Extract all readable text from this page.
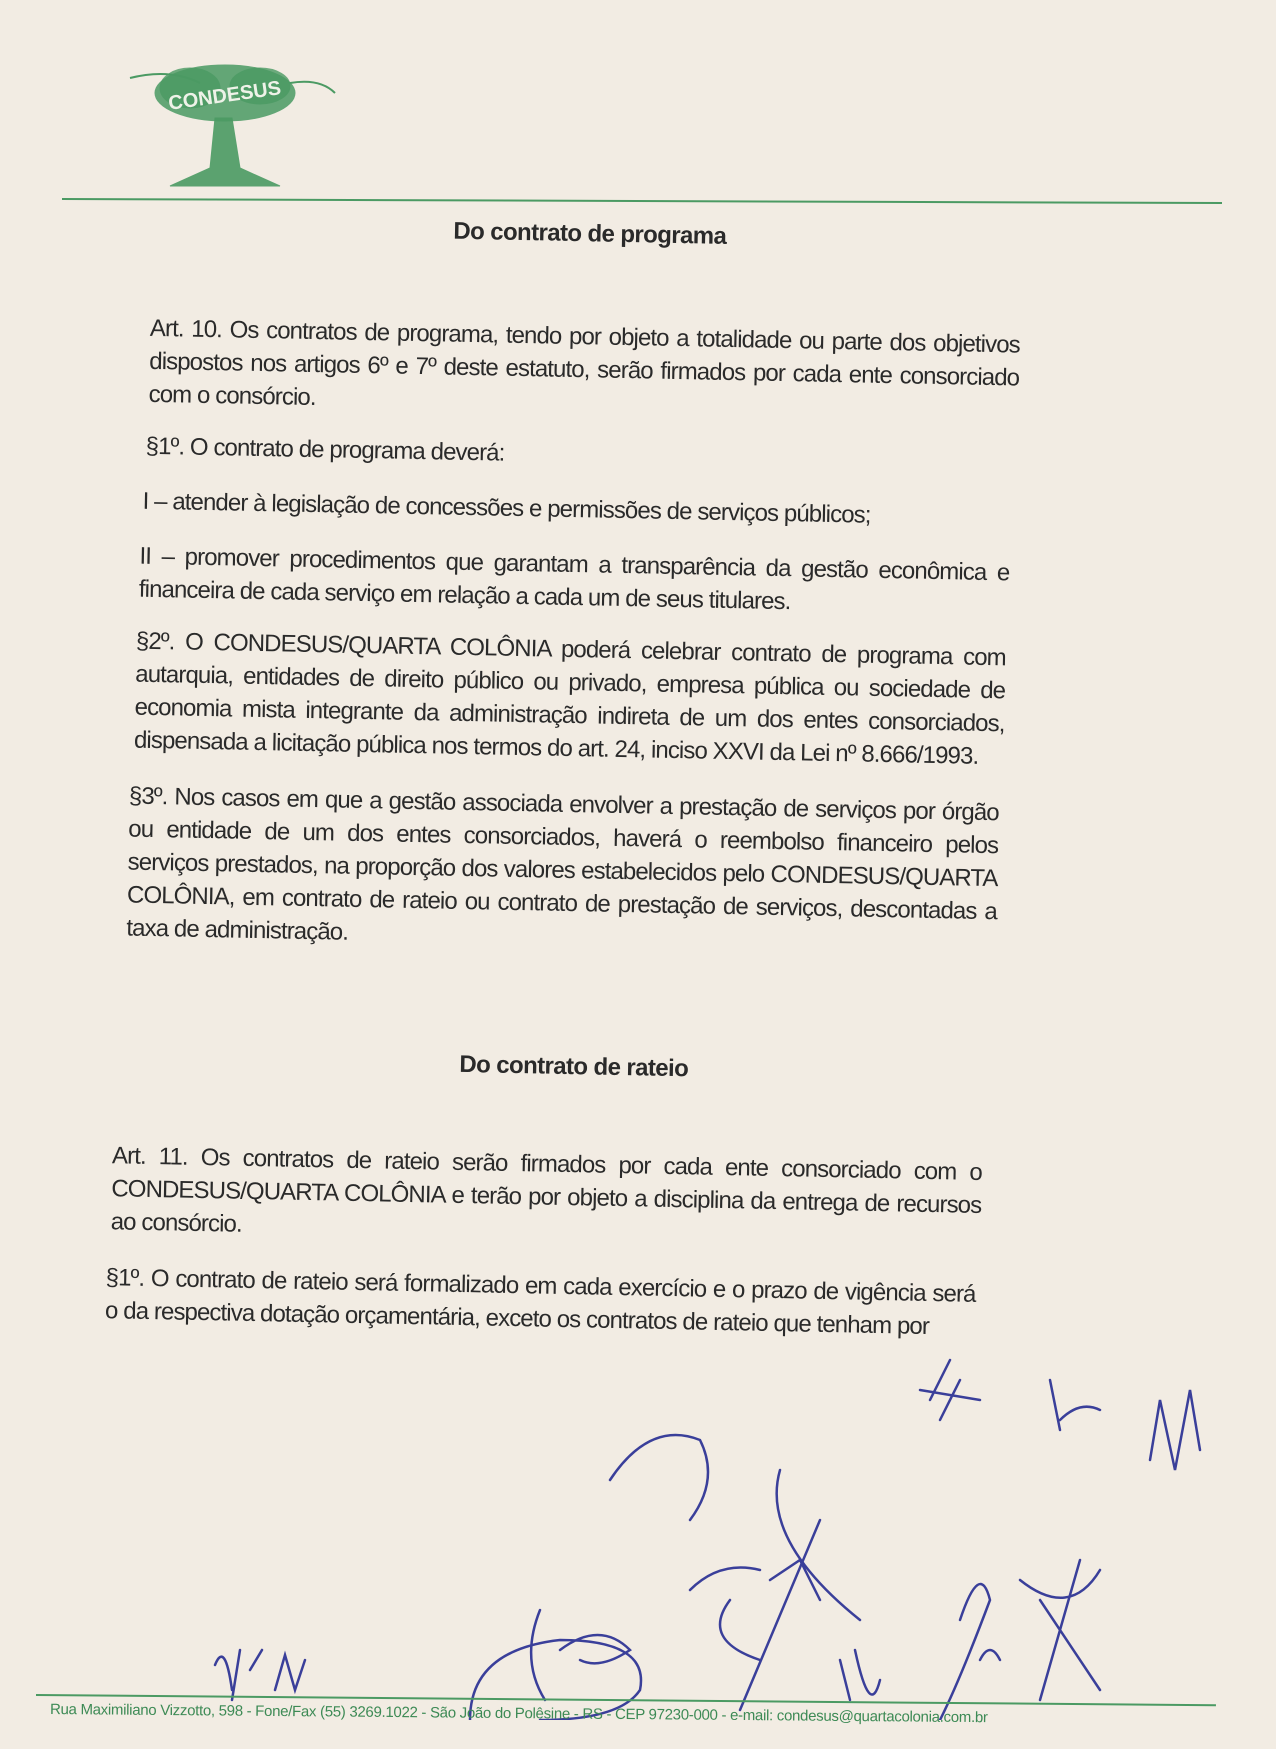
CONDESUS
Do contrato de programa
Art. 10. Os contratos de programa, tendo por objeto a totalidade ou parte dos objetivos dispostos nos artigos 6º e 7º deste estatuto, serão firmados por cada ente consorciado com o consórcio.
§1º. O contrato de programa deverá:
I – atender à legislação de concessões e permissões de serviços públicos;
II – promover procedimentos que garantam a transparência da gestão econômica e financeira de cada serviço em relação a cada um de seus titulares.
§2º. O CONDESUS/QUARTA COLÔNIA poderá celebrar contrato de programa com autarquia, entidades de direito público ou privado, empresa pública ou sociedade de economia mista integrante da administração indireta de um dos entes consorciados, dispensada a licitação pública nos termos do art. 24, inciso XXVI da Lei nº 8.666/1993.
§3º. Nos casos em que a gestão associada envolver a prestação de serviços por órgão ou entidade de um dos entes consorciados, haverá o reembolso financeiro pelos serviços prestados, na proporção dos valores estabelecidos pelo CONDESUS/QUARTA COLÔNIA, em contrato de rateio ou contrato de prestação de serviços, descontadas a taxa de administração.
Do contrato de rateio
Art. 11. Os contratos de rateio serão firmados por cada ente consorciado com o CONDESUS/QUARTA COLÔNIA e terão por objeto a disciplina da entrega de recursos ao consórcio.
§1º. O contrato de rateio será formalizado em cada exercício e o prazo de vigência será o da respectiva dotação orçamentária, exceto os contratos de rateio que tenham por
Rua Maximiliano Vizzotto, 598 - Fone/Fax (55) 3269.1022 - São João do Polêsine - RS - CEP 97230-000 - e-mail: condesus@quartacolonia.com.br
